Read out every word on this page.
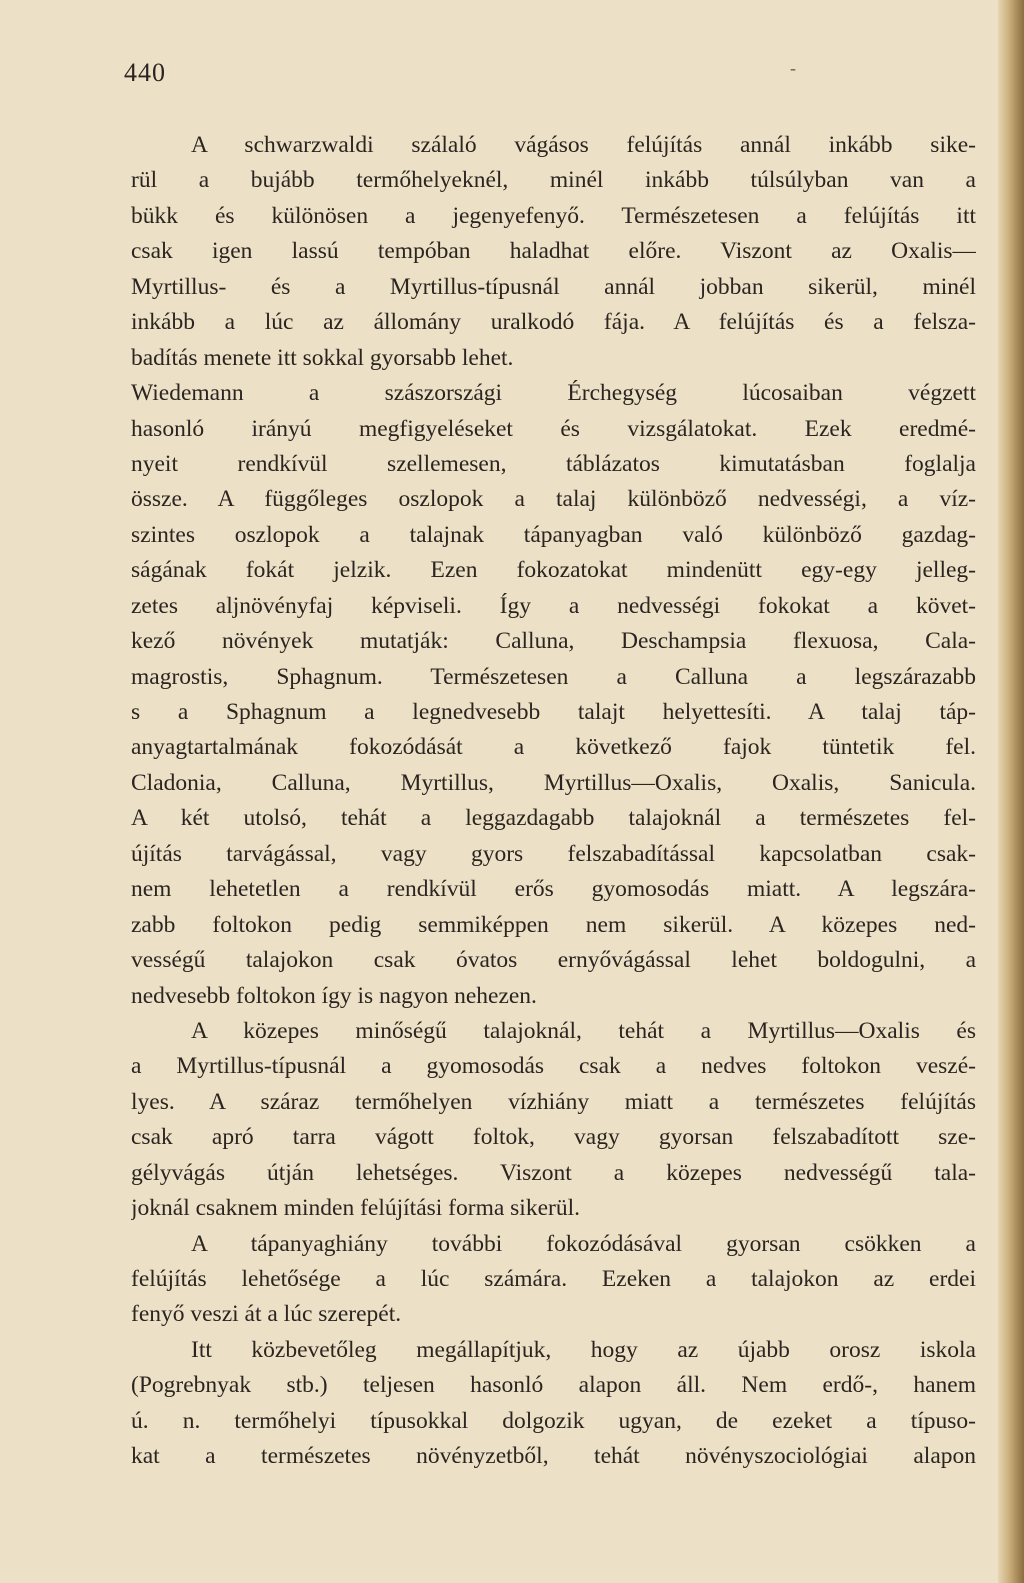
440	-
A schwarzwaldi szálaló vágásos felújítás annál inkább sike-
rül a bujább termőhelyeknél, minél inkább túlsúlyban van a
bükk és különösen a jegenyefenyő. Természetesen a felújítás itt
csak igen lassú tempóban haladhat előre. Viszont az Oxalis—
Myrtillus- és a Myrtillus-típusnál annál jobban sikerül, minél
inkább a lúc az állomány uralkodó fája. A felújítás és a felsza-
badítás menete itt sokkal gyorsabb lehet.
Wiedemann a szászországi Érchegység lúcosaiban végzett
hasonló irányú megfigyeléseket és vizsgálatokat. Ezek eredmé-
nyeit rendkívül szellemesen, táblázatos kimutatásban foglalja
össze. A függőleges oszlopok a talaj különböző nedvességi, a víz-
szintes oszlopok a talajnak tápanyagban való különböző gazdag-
ságának fokát jelzik. Ezen fokozatokat mindenütt egy-egy jelleg-
zetes aljnövényfaj képviseli. Így a nedvességi fokokat a követ-
kező növények mutatják: Calluna, Deschampsia flexuosa, Cala-
magrostis, Sphagnum. Természetesen a Calluna a legszárazabb
s a Sphagnum a legnedvesebb talajt helyettesíti. A talaj táp-
anyagtartalmának fokozódását a következő fajok tüntetik fel.
Cladonia, Calluna, Myrtillus, Myrtillus—Oxalis, Oxalis, Sanicula.
A két utolsó, tehát a leggazdagabb talajoknál a természetes fel-
újítás tarvágással, vagy gyors felszabadítással kapcsolatban csak-
nem lehetetlen a rendkívül erős gyomosodás miatt. A legszára-
zabb foltokon pedig semmiképpen nem sikerül. A közepes ned-
vességű talajokon csak óvatos ernyővágással lehet boldogulni, a
nedvesebb foltokon így is nagyon nehezen.
A közepes minőségű talajoknál, tehát a Myrtillus—Oxalis és
a Myrtillus-típusnál a gyomosodás csak a nedves foltokon veszé-
lyes. A száraz termőhelyen vízhiány miatt a természetes felújítás
csak apró tarra vágott foltok, vagy gyorsan felszabadított sze-
gélyvágás útján lehetséges. Viszont a közepes nedvességű tala-
joknál csaknem minden felújítási forma sikerül.
A tápanyaghiány további fokozódásával gyorsan csökken a
felújítás lehetősége a lúc számára. Ezeken a talajokon az erdei
fenyő veszi át a lúc szerepét.
Itt közbevetőleg megállapítjuk, hogy az újabb orosz iskola
(Pogrebnyak stb.) teljesen hasonló alapon áll. Nem erdő-, hanem
ú. n. termőhelyi típusokkal dolgozik ugyan, de ezeket a típuso-
kat a természetes növényzetből, tehát növényszociológiai alapon
